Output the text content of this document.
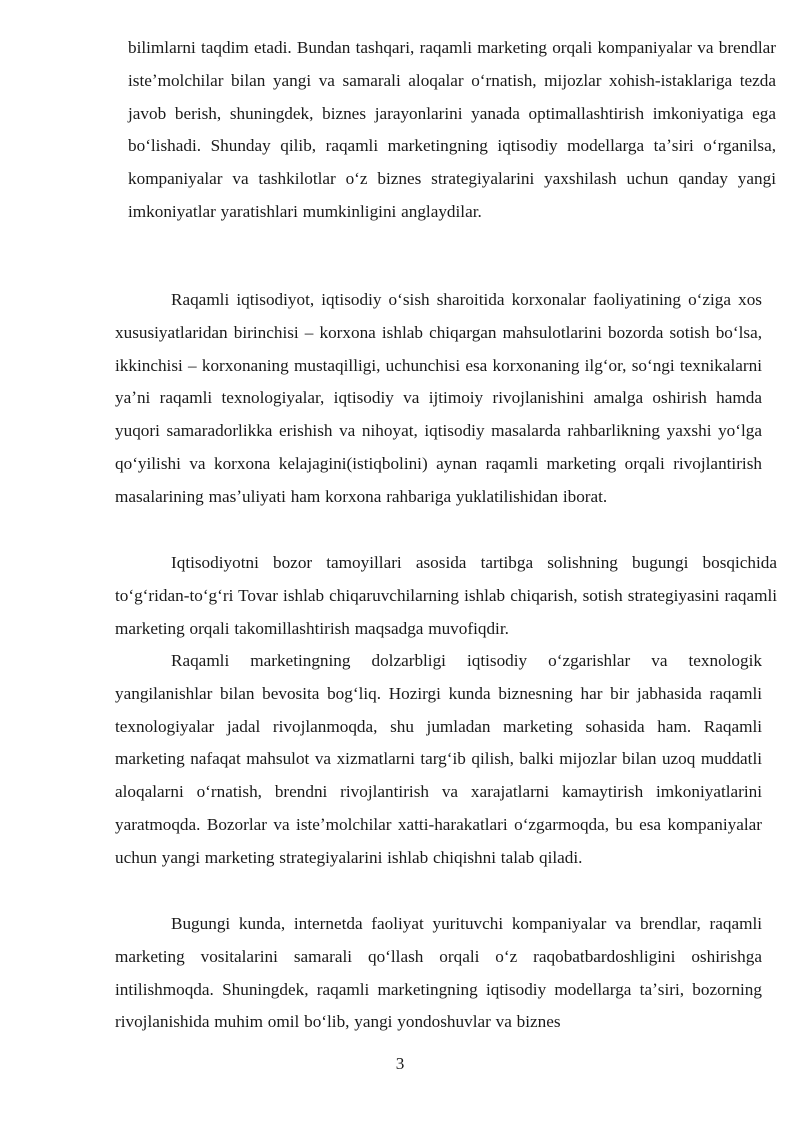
bilimlarni taqdim etadi. Bundan tashqari, raqamli marketing orqali kompaniyalar va brendlar isteʼmolchilar bilan yangi va samarali aloqalar oʻrnatish, mijozlar xohish-istaklariga tezda javob berish, shuningdek, biznes jarayonlarini yanada optimallashtirish imkoniyatiga ega boʻlishadi. Shunday qilib, raqamli marketingning iqtisodiy modellarga taʼsiri oʻrganilsa, kompaniyalar va tashkilotlar oʻz biznes strategiyalarini yaxshilash uchun qanday yangi imkoniyatlar yaratishlari mumkinligini anglaydilar.

Raqamli iqtisodiyot, iqtisodiy oʻsish sharoitida korxonalar faoliyatining oʻziga xos xususiyatlaridan birinchisi – korxona ishlab chiqargan mahsulotlarini bozorda sotish boʻlsa, ikkinchisi – korxonaning mustaqilligi, uchunchisi esa korxonaning ilgʻor, soʻngi texnikalarni yaʼni raqamli texnologiyalar, iqtisodiy va ijtimoiy rivojlanishini amalga oshirish hamda yuqori samaradorlikka erishish va nihoyat, iqtisodiy masalarda rahbarlikning yaxshi yoʻlga qoʻyilishi va korxona kelajagini(istiqbolini) aynan raqamli marketing orqali rivojlantirish masalarining masʼuliyati ham korxona rahbariga yuklatilishidan iborat.

Iqtisodiyotni bozor tamoyillari asosida tartibga solishning bugungi bosqichida toʻgʻridan-toʻgʻri Tovar ishlab chiqaruvchilarning ishlab chiqarish, sotish strategiyasini raqamli marketing orqali takomillashtirish maqsadga muvofiqdir.

Raqamli marketingning dolzarbligi iqtisodiy oʻzgarishlar va texnologik yangilanishlar bilan bevosita bogʻliq. Hozirgi kunda biznesning har bir jabhasida raqamli texnologiyalar jadal rivojlanmoqda, shu jumladan marketing sohasida ham. Raqamli marketing nafaqat mahsulot va xizmatlarni targʻib qilish, balki mijozlar bilan uzoq muddatli aloqalarni oʻrnatish, brendni rivojlantirish va xarajatlarni kamaytirish imkoniyatlarini yaratmoqda. Bozorlar va isteʼmolchilar xatti-harakatlari oʻzgarmoqda, bu esa kompaniyalar uchun yangi marketing strategiyalarini ishlab chiqishni talab qiladi.

Bugungi kunda, internetda faoliyat yurituvchi kompaniyalar va brendlar, raqamli marketing vositalarini samarali qoʻllash orqali oʻz raqobatbardoshligini oshirishga intilishmoqda. Shuningdek, raqamli marketingning iqtisodiy modellarga taʼsiri, bozorning rivojlanishida muhim omil boʻlib, yangi yondoshuvlar va biznes

3
